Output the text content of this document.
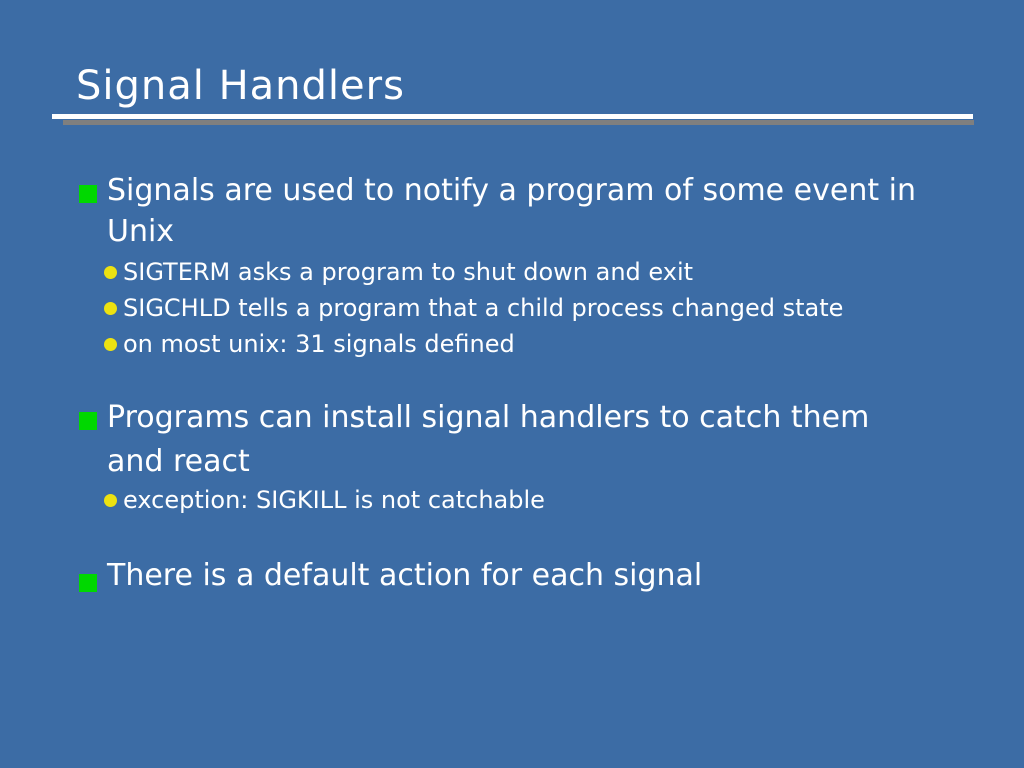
Signal Handlers
Signals are used to notify a program of some event in
Unix
SIGTERM asks a program to shut down and exit
SIGCHLD tells a program that a child process changed state
on most unix: 31 signals defined
Programs can install signal handlers to catch them
and react
exception: SIGKILL is not catchable
There is a default action for each signal
